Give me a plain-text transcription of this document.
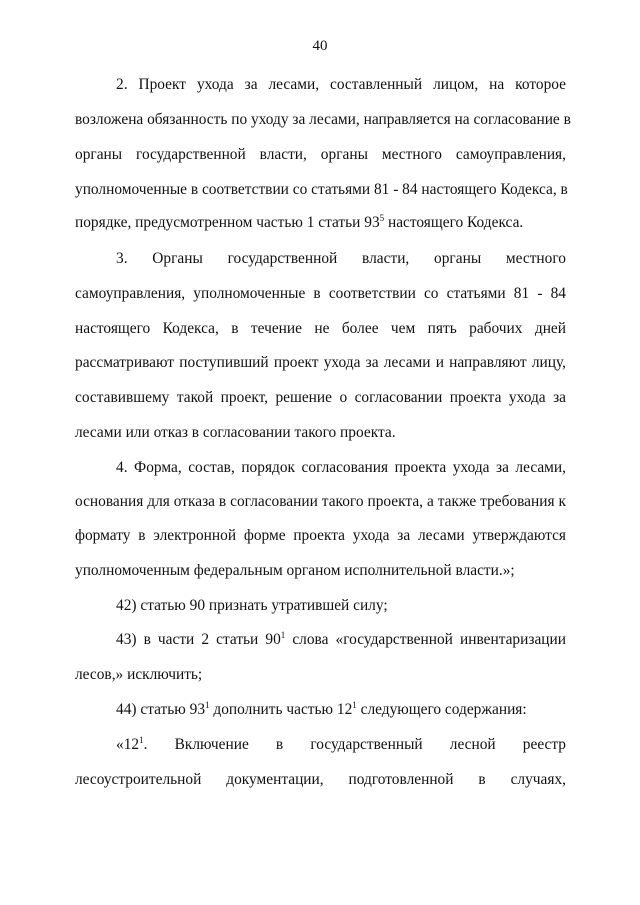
40
2. Проект ухода за лесами, составленный лицом, на которое
возложена обязанность по уходу за лесами, направляется на согласование в
органы государственной власти, органы местного самоуправления,
уполномоченные в соответствии со статьями 81 - 84 настоящего Кодекса, в
порядке, предусмотренном частью 1 статьи $93^5$ настоящего Кодекса.
3. Органы государственной власти, органы местного
самоуправления, уполномоченные в соответствии со статьями 81 - 84
настоящего Кодекса, в течение не более чем пять рабочих дней
рассматривают поступивший проект ухода за лесами и направляют лицу,
составившему такой проект, решение о согласовании проекта ухода за
лесами или отказ в согласовании такого проекта.
4. Форма, состав, порядок согласования проекта ухода за лесами,
основания для отказа в согласовании такого проекта, а также требования к
формату в электронной форме проекта ухода за лесами утверждаются
уполномоченным федеральным органом исполнительной власти.»;
42) статью 90 признать утратившей силу;
43) в части 2 статьи $90^1$ слова «государственной инвентаризации
лесов,» исключить;
44) статью $93^1$ дополнить частью $12^1$ следующего содержания:
«$12^1$. Включение в государственный лесной реестр
лесоустроительной документации, подготовленной в случаях,
